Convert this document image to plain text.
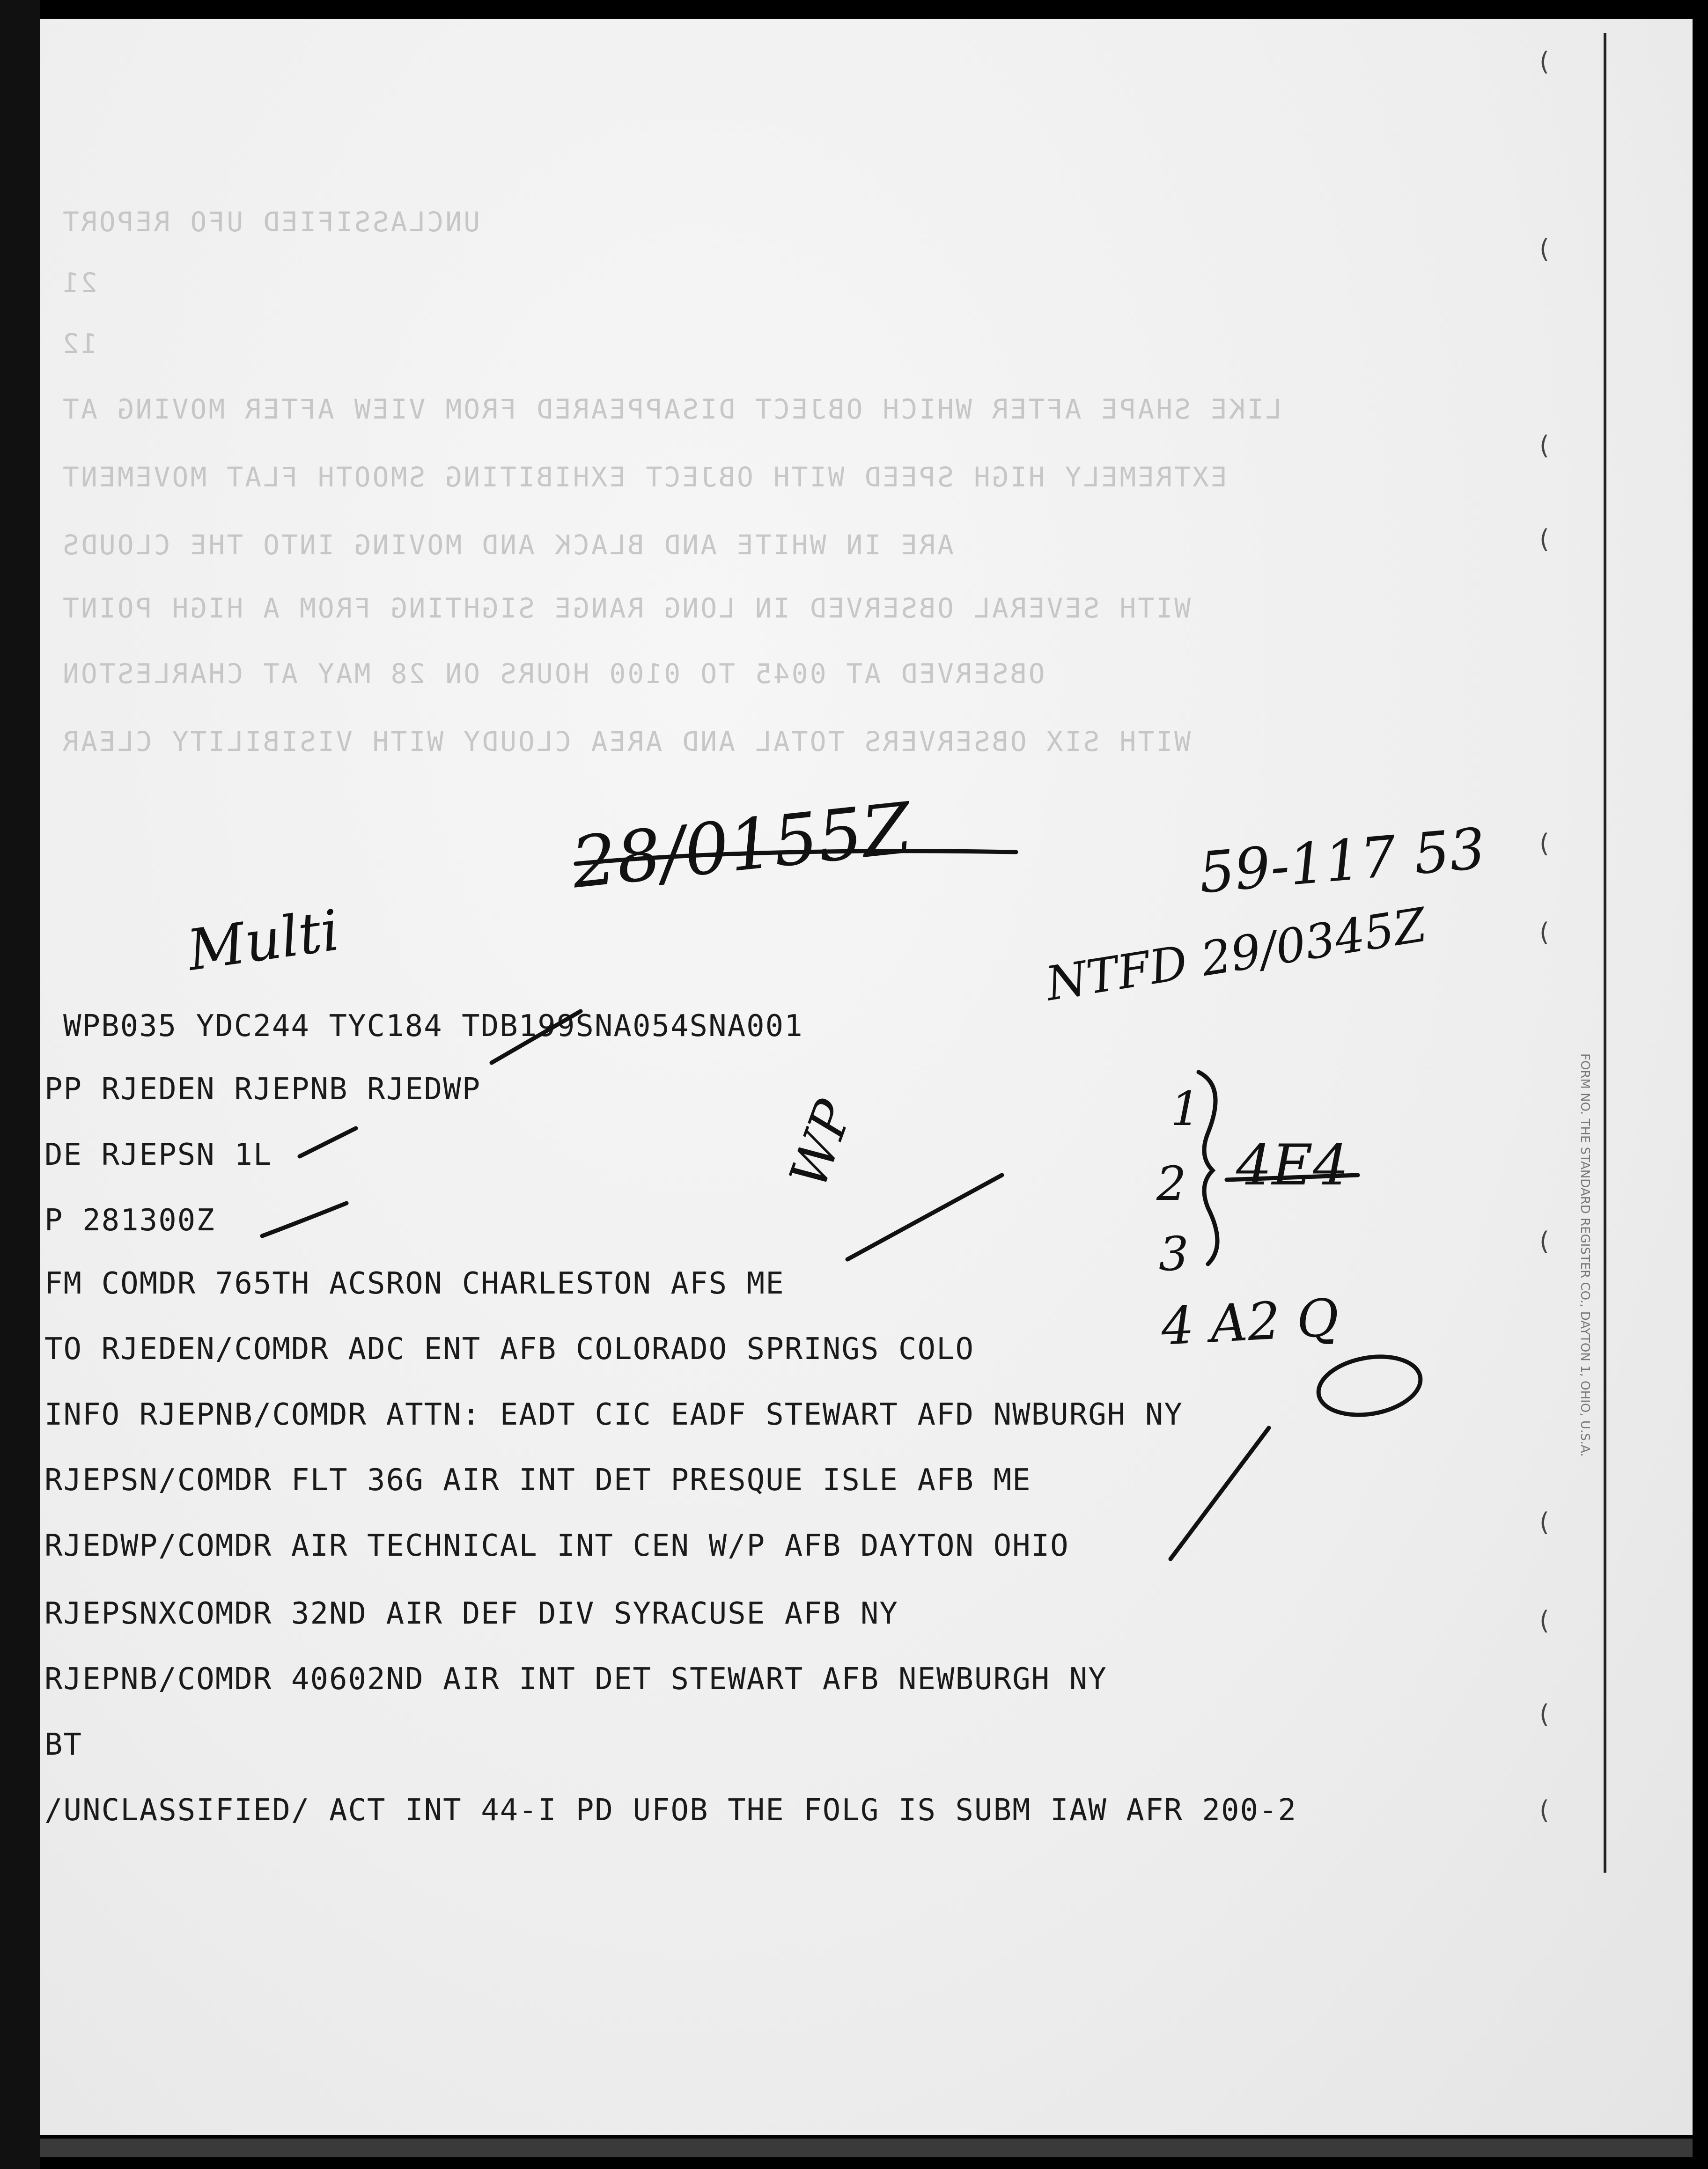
UNCLASSIFIED UFO REPORT
21
12
LIKE SHAPE AFTER WHICH OBJECT DISAPPEARED FROM VIEW AFTER MOVING AT
EXTREMELY HIGH SPEED WITH OBJECT EXHIBITING SMOOTH FLAT MOVEMENT
ARE IN WHITE AND BLACK AND MOVING INTO THE CLOUDS
WITH SEVERAL OBSERVED IN LONG RANGE SIGHTING FROM A HIGH POINT
OBSERVED AT 0045 TO 0100 HOURS ON 28 MAY AT CHARLESTON
WITH SIX OBSERVERS TOTAL AND AREA CLOUDY WITH VISIBILITY CLEAR
WPB035 YDC244 TYC184 TDB199SNA054SNA001
PP RJEDEN RJEPNB RJEDWP
DE RJEPSN 1L
P 281300Z
FM COMDR 765TH ACSRON CHARLESTON AFS ME
TO RJEDEN/COMDR ADC ENT AFB COLORADO SPRINGS COLO
INFO RJEPNB/COMDR ATTN: EADT CIC EADF STEWART AFD NWBURGH NY
RJEPSN/COMDR FLT 36G AIR INT DET PRESQUE ISLE AFB ME
RJEDWP/COMDR AIR TECHNICAL INT CEN W/P AFB DAYTON OHIO
RJEPSNXCOMDR 32ND AIR DEF DIV SYRACUSE AFB NY
RJEPNB/COMDR 40602ND AIR INT DET STEWART AFB NEWBURGH NY
BT
/UNCLASSIFIED/ ACT INT 44-I PD UFOB THE FOLG IS SUBM IAW AFR 200-2
28/0155Z	59-117 53
NTFD 29/0345Z
Multi
WP	1
2
3
4E4
4 A2 Q
(
(
(
(
(
(
(
(
(
(
(
FORM NO. THE STANDARD REGISTER CO., DAYTON 1, OHIO, U.S.A.
